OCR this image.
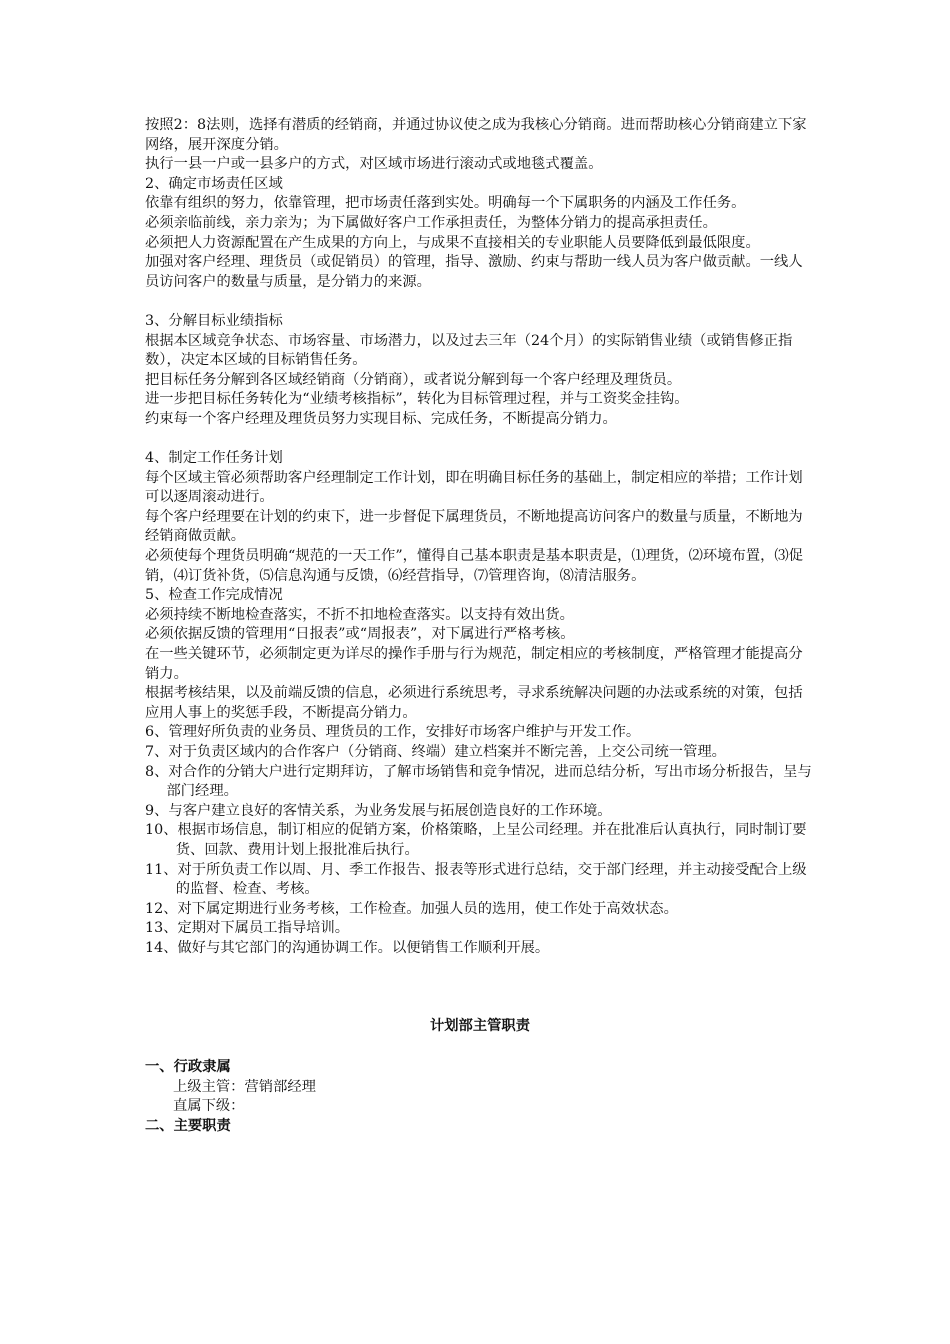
按照2：8法则，选择有潜质的经销商，并通过协议使之成为我核心分销商。进而帮助核心分销商建立下家网络，展开深度分销。

执行一县一户或一县多户的方式，对区域市场进行滚动式或地毯式覆盖。

2、确定市场责任区域

依靠有组织的努力，依靠管理，把市场责任落到实处。明确每一个下属职务的内涵及工作任务。

必须亲临前线，亲力亲为；为下属做好客户工作承担责任，为整体分销力的提高承担责任。

必须把人力资源配置在产生成果的方向上，与成果不直接相关的专业职能人员要降低到最低限度。

加强对客户经理、理货员（或促销员）的管理，指导、激励、约束与帮助一线人员为客户做贡献。一线人员访问客户的数量与质量，是分销力的来源。

3、分解目标业绩指标

根据本区域竞争状态、市场容量、市场潜力，以及过去三年（24个月）的实际销售业绩（或销售修正指数），决定本区域的目标销售任务。

把目标任务分解到各区域经销商（分销商），或者说分解到每一个客户经理及理货员。

进一步把目标任务转化为“业绩考核指标”，转化为目标管理过程，并与工资奖金挂钩。

约束每一个客户经理及理货员努力实现目标、完成任务，不断提高分销力。

4、制定工作任务计划

每个区域主管必须帮助客户经理制定工作计划，即在明确目标任务的基础上，制定相应的举措；工作计划可以逐周滚动进行。

每个客户经理要在计划的约束下，进一步督促下属理货员，不断地提高访问客户的数量与质量，不断地为经销商做贡献。

必须使每个理货员明确“规范的一天工作”，懂得自己基本职责是基本职责是，⑴理货，⑵环境布置，⑶促销，⑷订货补货，⑸信息沟通与反馈，⑹经营指导，⑺管理咨询，⑻清洁服务。

5、检查工作完成情况

必须持续不断地检查落实，不折不扣地检查落实。以支持有效出货。

必须依据反馈的管理用“日报表”或“周报表”，对下属进行严格考核。

在一些关键环节，必须制定更为详尽的操作手册与行为规范，制定相应的考核制度，严格管理才能提高分销力。

根据考核结果，以及前端反馈的信息，必须进行系统思考，寻求系统解决问题的办法或系统的对策，包括应用人事上的奖惩手段，不断提高分销力。

6、管理好所负责的业务员、理货员的工作，安排好市场客户维护与开发工作。

7、对于负责区域内的合作客户（分销商、终端）建立档案并不断完善，上交公司统一管理。

8、对合作的分销大户进行定期拜访，了解市场销售和竞争情况，进而总结分析，写出市场分析报告，呈与部门经理。

9、与客户建立良好的客情关系，为业务发展与拓展创造良好的工作环境。

10、根据市场信息，制订相应的促销方案，价格策略，上呈公司经理。并在批准后认真执行，同时制订要货、回款、费用计划上报批准后执行。

11、对于所负责工作以周、月、季工作报告、报表等形式进行总结，交于部门经理，并主动接受配合上级的监督、检查、考核。

12、对下属定期进行业务考核，工作检查。加强人员的选用，使工作处于高效状态。

13、定期对下属员工指导培训。

14、做好与其它部门的沟通协调工作。以便销售工作顺利开展。

计划部主管职责

一、行政隶属

上级主管：营销部经理

直属下级：

二、主要职责
